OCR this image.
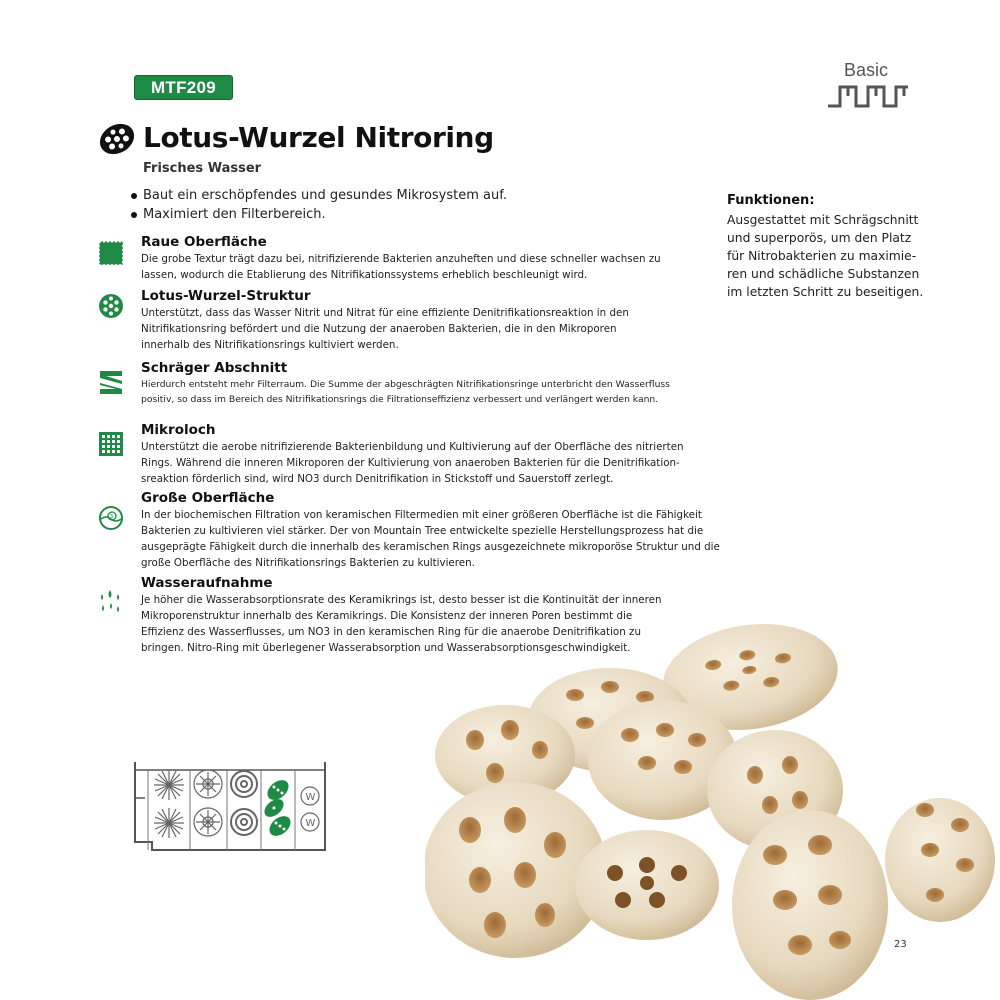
MTF209
Basic
Lotus-Wurzel Nitroring
Frisches Wasser
Baut ein erschöpfendes und gesundes Mikrosystem auf.
Maximiert den Filterbereich.
Raue Oberfläche
Die grobe Textur trägt dazu bei, nitrifizierende Bakterien anzuheften und diese schneller wachsen zu
lassen, wodurch die Etablierung des Nitrifikationssystems erheblich beschleunigt wird.
Lotus-Wurzel-Struktur
Unterstützt, dass das Wasser Nitrit und Nitrat für eine effiziente Denitrifikationsreaktion in den
Nitrifikationsring befördert und die Nutzung der anaeroben Bakterien, die in den Mikroporen
innerhalb des Nitrifikationsrings kultiviert werden.
Schräger Abschnitt
Hierdurch entsteht mehr Filterraum. Die Summe der abgeschrägten Nitrifikationsringe unterbricht den Wasserfluss
positiv, so dass im Bereich des Nitrifikationsrings die Filtrationseffizienz verbessert und verlängert werden kann.
Mikroloch
Unterstützt die aerobe nitrifizierende Bakterienbildung und Kultivierung auf der Oberfläche des nitrierten
Rings. Während die inneren Mikroporen der Kultivierung von anaeroben Bakterien für die Denitrifikation-
sreaktion förderlich sind, wird NO3 durch Denitrifikation in Stickstoff und Sauerstoff zerlegt.
S
Große Oberfläche
In der biochemischen Filtration von keramischen Filtermedien mit einer größeren Oberfläche ist die Fähigkeit
Bakterien zu kultivieren viel stärker. Der von Mountain Tree entwickelte spezielle Herstellungsprozess hat die
ausgeprägte Fähigkeit durch die innerhalb des keramischen Rings ausgezeichnete mikroporöse Struktur und die
große Oberfläche des Nitrifikationsrings Bakterien zu kultivieren.
Wasseraufnahme
Je höher die Wasserabsorptionsrate des Keramikrings ist, desto besser ist die Kontinuität der inneren
Mikroporenstruktur innerhalb des Keramikrings. Die Konsistenz der inneren Poren bestimmt die
Effizienz des Wasserflusses, um NO3 in den keramischen Ring für die anaerobe Denitrifikation zu
bringen. Nitro-Ring mit überlegener Wasserabsorption und Wasserabsorptionsgeschwindigkeit.
Funktionen:
Ausgestattet mit Schrägschnitt
und superporös, um den Platz
für Nitrobakterien zu maximie-
ren und schädliche Substanzen
im letzten Schritt zu beseitigen.
W
W
23
